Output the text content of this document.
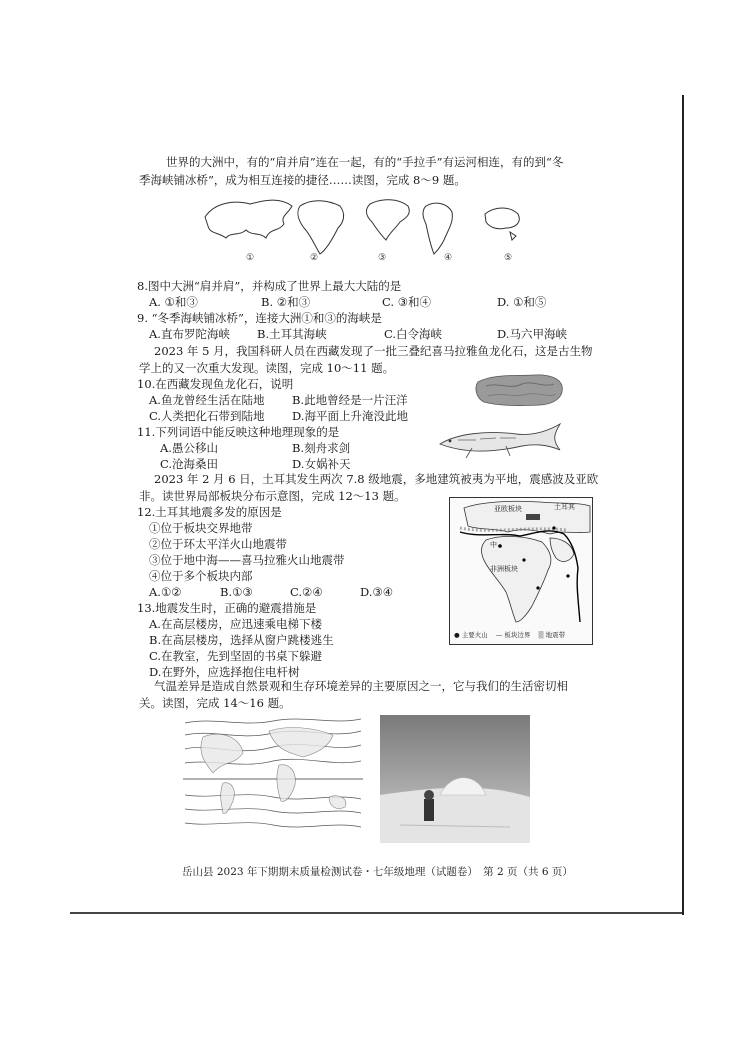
世界的大洲中，有的“肩并肩”连在一起，有的“手拉手”有运河相连，有的到“冬
季海峡铺冰桥”，成为相互连接的捷径……读图，完成 8～9 题。
①	②	③	④	⑤
8.图中大洲“肩并肩”，并构成了世界上最大大陆的是
A. ①和③	B. ②和③	C. ③和④	D. ①和⑤
9. “冬季海峡铺冰桥”，连接大洲①和③的海峡是
A.直布罗陀海峡 B.土耳其海峡	C.白令海峡	D.马六甲海峡
2023 年 5 月，我国科研人员在西藏发现了一批三叠纪喜马拉雅鱼龙化石，这是古生物
学上的又一次重大发现。读图，完成 10～11 题。
10.在西藏发现鱼龙化石，说明
A.鱼龙曾经生活在陆地 B.此地曾经是一片汪洋
C.人类把化石带到陆地 D.海平面上升淹没此地
11.下列词语中能反映这种地理现象的是
A.愚公移山	B.刻舟求剑
C.沧海桑田	D.女娲补天
2023 年 2 月 6 日，土耳其发生两次 7.8 级地震，多地建筑被夷为平地，震感波及亚欧
非。读世界局部板块分布示意图，完成 12～13 题。
12.土耳其地震多发的原因是
①位于板块交界地带
②位于环太平洋火山地震带
③位于地中海——喜马拉雅火山地震带
④位于多个板块内部
A.①②	B.①③	C.②④	D.③④
亚欧板块	土耳其
中
非洲板块
● 主要火山 — 板块边界 ▒ 地震带
13.地震发生时，正确的避震措施是
A.在高层楼房，应迅速乘电梯下楼
B.在高层楼房，选择从窗户跳楼逃生
C.在教室，先到坚固的书桌下躲避
D.在野外，应选择抱住电杆树
气温差异是造成自然景观和生存环境差异的主要原因之一，它与我们的生活密切相
关。读图，完成 14～16 题。
岳山县 2023 年下期期末质量检测试卷・七年级地理（试题卷）　第 2 页（共 6 页）
